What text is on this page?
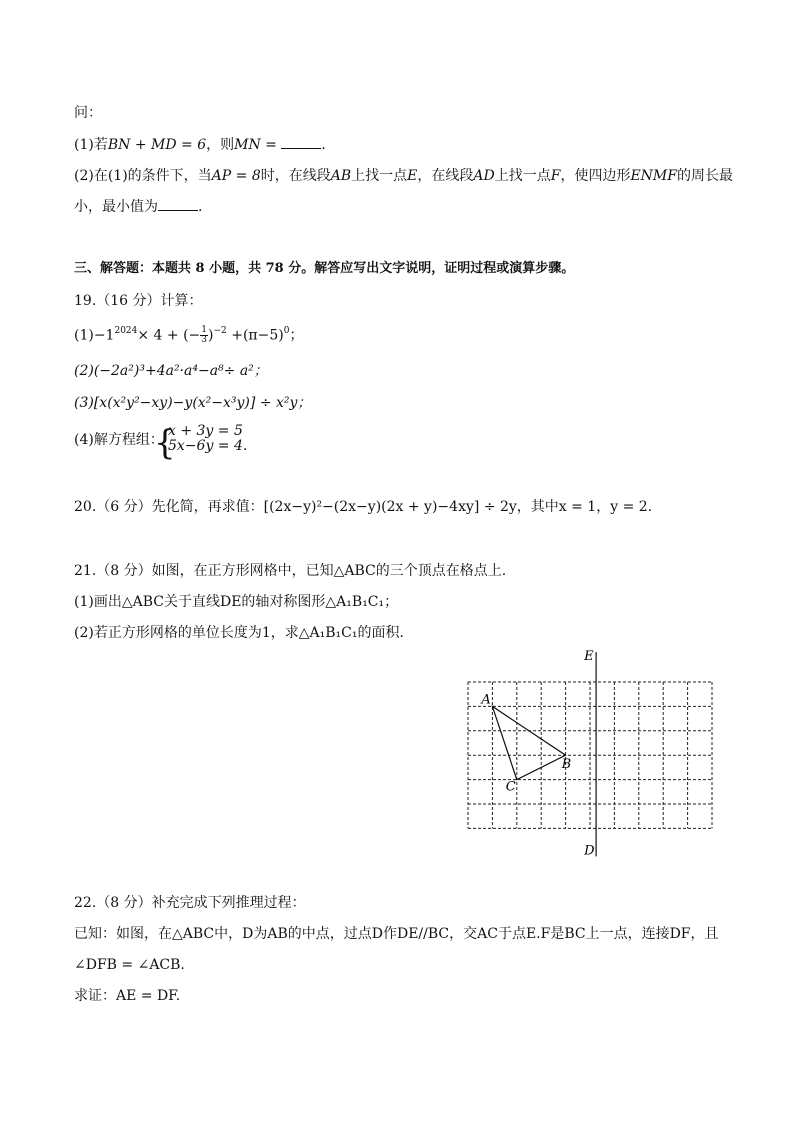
问：
(1)若BN + MD = 6，则MN =	.
(2)在(1)的条件下，当AP = 8时，在线段AB上找一点E，在线段AD上找一点F，使四边形ENMF的周长最
小，最小值为	.
三、解答题：本题共 8 小题，共 78 分。解答应写出文字说明，证明过程或演算步骤。
19.（16 分）计算：
$(1)-1^{2024}\times 4$ + (− $\frac{1}{3} )^{-2} +(\pi-5)^0$；
(2)(−2a²)³+4a²·a⁴−a⁸÷ a²；
(3)[x(x²y²−xy)−y(x²−x³y)] ÷ x²y；
(4)解方程组：
{
x + 3y = 5
5x−6y = 4.
20.（6 分）先化简，再求值：[(2x−y)²−(2x−y)(2x + y)−4xy] ÷ 2y，其中x = 1，y = 2.
21.（8 分）如图，在正方形网格中，已知△ABC的三个顶点在格点上.
(1)画出△ABC关于直线DE的轴对称图形△A₁B₁C₁；
(2)若正方形网格的单位长度为1，求△A₁B₁C₁的面积.
E
D
A
B
C
22.（8 分）补充完成下列推理过程：
已知：如图，在△ABC中，D为AB的中点，过点D作DE//BC，交AC于点E.F是BC上一点，连接DF，且
∠DFB = ∠ACB.
求证：AE = DF.
